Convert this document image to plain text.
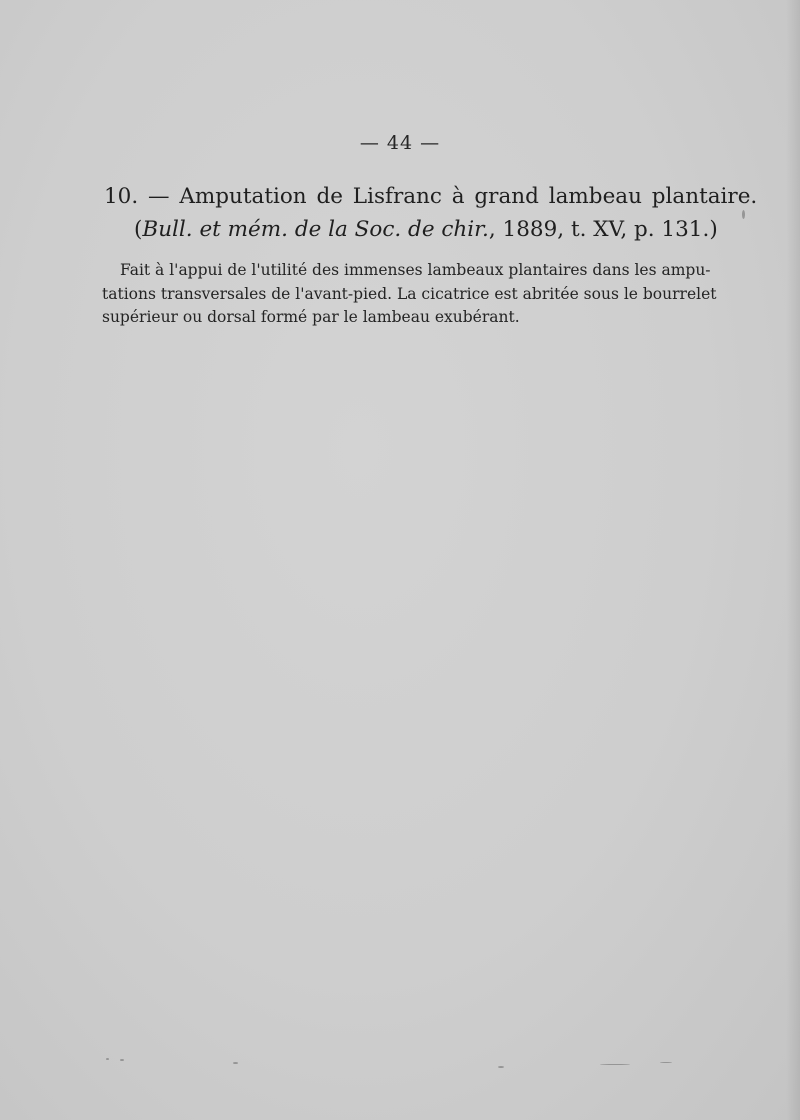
— 44 —
10. — Amputation de Lisfranc à grand lambeau plantaire.
(Bull. et mém. de la Soc. de chir., 1889, t. XV, p. 131.)
Fait à l'appui de l'utilité des immenses lambeaux plantaires dans les ampu-
tations transversales de l'avant-pied. La cicatrice est abritée sous le bourrelet
supérieur ou dorsal formé par le lambeau exubérant.
